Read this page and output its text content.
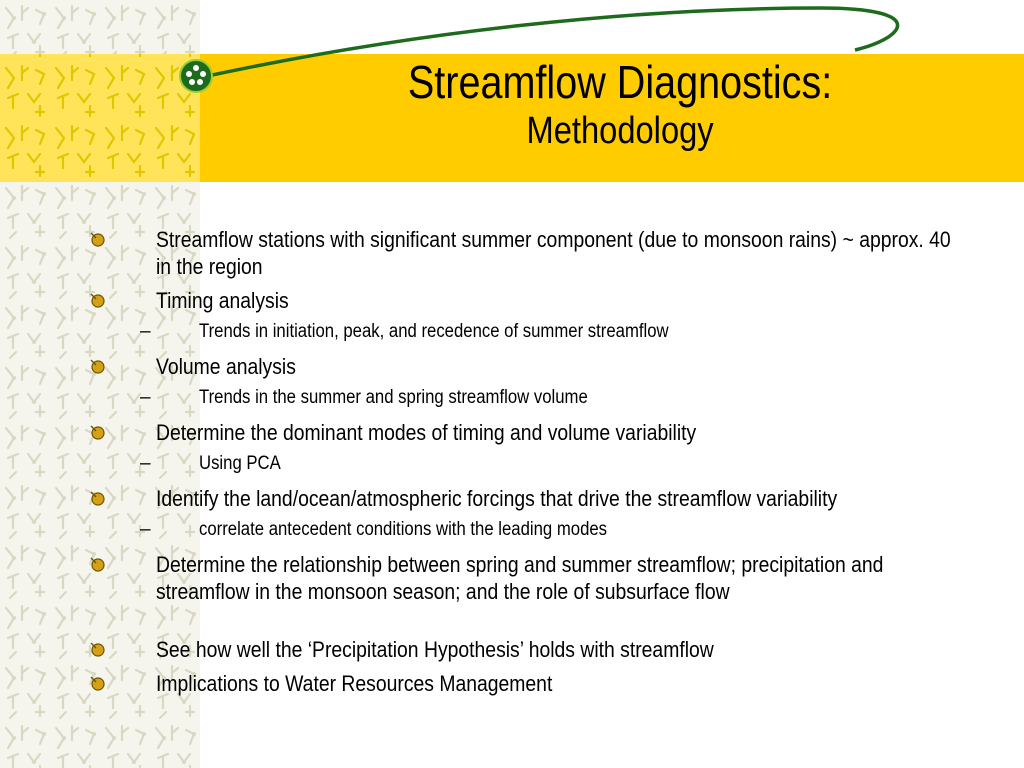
Streamflow Diagnostics:
Methodology
Streamflow stations with significant summer component (due to monsoon rains) ~ approx. 40 in the region
Timing analysis
–	Trends in initiation, peak, and recedence of summer streamflow
Volume analysis
–	Trends in the summer and spring streamflow volume
Determine the dominant modes of timing and volume variability
–	Using PCA
Identify the land/ocean/atmospheric forcings that drive the streamflow variability
–	correlate antecedent conditions with the leading modes
Determine the relationship between spring and summer streamflow; precipitation and streamflow in the monsoon season; and the role of subsurface flow
See how well the ‘Precipitation Hypothesis’ holds with streamflow
Implications to Water Resources Management
